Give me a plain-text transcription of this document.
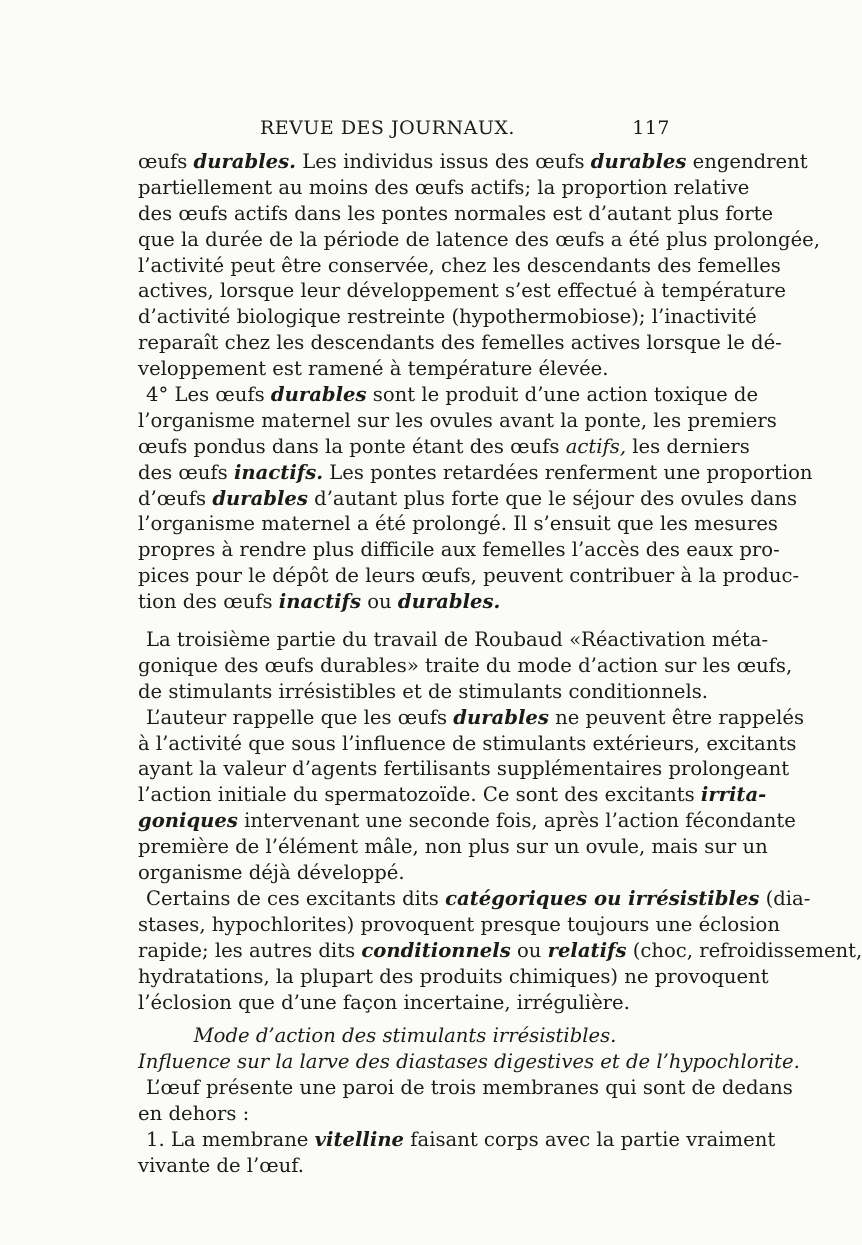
REVUE DES JOURNAUX.	117
œufs durables. Les individus issus des œufs durables engendrent
partiellement au moins des œufs actifs; la proportion relative
des œufs actifs dans les pontes normales est d’autant plus forte
que la durée de la période de latence des œufs a été plus prolongée,
l’activité peut être conservée, chez les descendants des femelles
actives, lorsque leur développement s’est effectué à température
d’activité biologique restreinte (hypothermobiose); l’inactivité
reparaît chez les descendants des femelles actives lorsque le dé-
veloppement est ramené à température élevée.
4° Les œufs durables sont le produit d’une action toxique de
l’organisme maternel sur les ovules avant la ponte, les premiers
œufs pondus dans la ponte étant des œufs actifs, les derniers
des œufs inactifs. Les pontes retardées renferment une proportion
d’œufs durables d’autant plus forte que le séjour des ovules dans
l’organisme maternel a été prolongé. Il s’ensuit que les mesures
propres à rendre plus difficile aux femelles l’accès des eaux pro-
pices pour le dépôt de leurs œufs, peuvent contribuer à la produc-
tion des œufs inactifs ou durables.
La troisième partie du travail de Roubaud «Réactivation méta-
gonique des œufs durables» traite du mode d’action sur les œufs,
de stimulants irrésistibles et de stimulants conditionnels.
L’auteur rappelle que les œufs durables ne peuvent être rappelés
à l’activité que sous l’influence de stimulants extérieurs, excitants
ayant la valeur d’agents fertilisants supplémentaires prolongeant
l’action initiale du spermatozoïde. Ce sont des excitants irrita-
goniques intervenant une seconde fois, après l’action fécondante
première de l’élément mâle, non plus sur un ovule, mais sur un
organisme déjà développé.
Certains de ces excitants dits catégoriques ou irrésistibles (dia-
stases, hypochlorites) provoquent presque toujours une éclosion
rapide; les autres dits conditionnels ou relatifs (choc, refroidissement,
hydratations, la plupart des produits chimiques) ne provoquent
l’éclosion que d’une façon incertaine, irrégulière.
Mode d’action des stimulants irrésistibles.
Influence sur la larve des diastases digestives et de l’hypochlorite.
L’œuf présente une paroi de trois membranes qui sont de dedans
en dehors :
1. La membrane vitelline faisant corps avec la partie vraiment
vivante de l’œuf.
